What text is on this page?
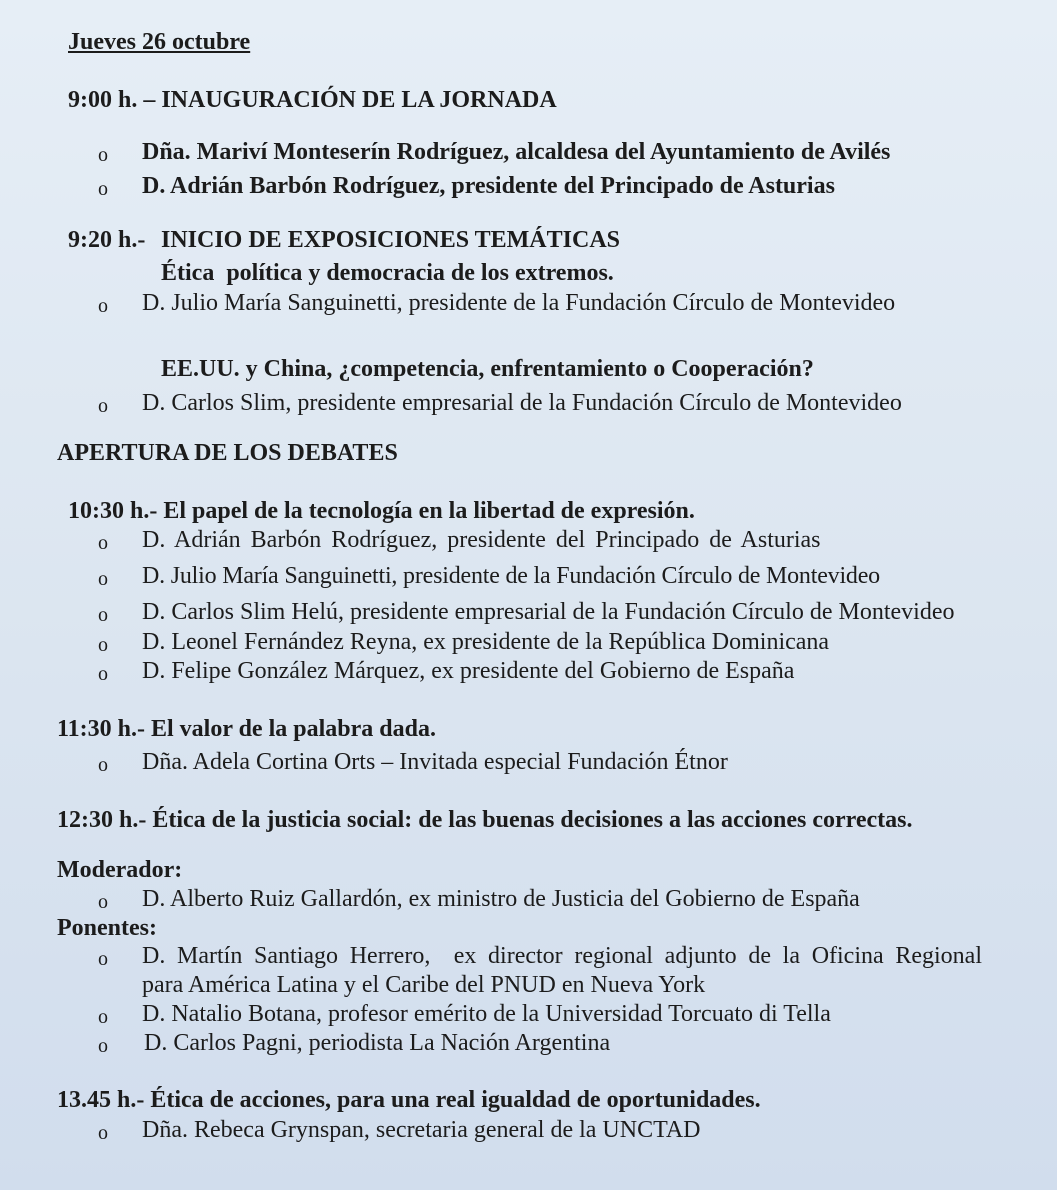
Jueves 26 octubre
9:00 h. – INAUGURACIÓN DE LA JORNADA
o Dña. Mariví Monteserín Rodríguez, alcaldesa del Ayuntamiento de Avilés
o D. Adrián Barbón Rodríguez, presidente del Principado de Asturias
9:20 h.- INICIO DE EXPOSICIONES TEMÁTICAS
Ética  política y democracia de los extremos.
o D. Julio María Sanguinetti, presidente de la Fundación Círculo de Montevideo
EE.UU. y China, ¿competencia, enfrentamiento o Cooperación?
o D. Carlos Slim, presidente empresarial de la Fundación Círculo de Montevideo
APERTURA DE LOS DEBATES
10:30 h.- El papel de la tecnología en la libertad de expresión.
o D. Adrián Barbón Rodríguez, presidente del Principado de Asturias
o D. Julio María Sanguinetti, presidente de la Fundación Círculo de Montevideo
o D. Carlos Slim Helú, presidente empresarial de la Fundación Círculo de Montevideo
o D. Leonel Fernández Reyna, ex presidente de la República Dominicana
o D. Felipe González Márquez, ex presidente del Gobierno de España
11:30 h.- El valor de la palabra dada.
o Dña. Adela Cortina Orts – Invitada especial Fundación Étnor
12:30 h.- Ética de la justicia social: de las buenas decisiones a las acciones correctas.
Moderador:
o D. Alberto Ruiz Gallardón, ex ministro de Justicia del Gobierno de España
Ponentes:
o D. Martín Santiago Herrero,  ex director regional adjunto de la Oficina Regional
para América Latina y el Caribe del PNUD en Nueva York
o D. Natalio Botana, profesor emérito de la Universidad Torcuato di Tella
o D. Carlos Pagni, periodista La Nación Argentina
13.45 h.- Ética de acciones, para una real igualdad de oportunidades.
o Dña. Rebeca Grynspan, secretaria general de la UNCTAD
